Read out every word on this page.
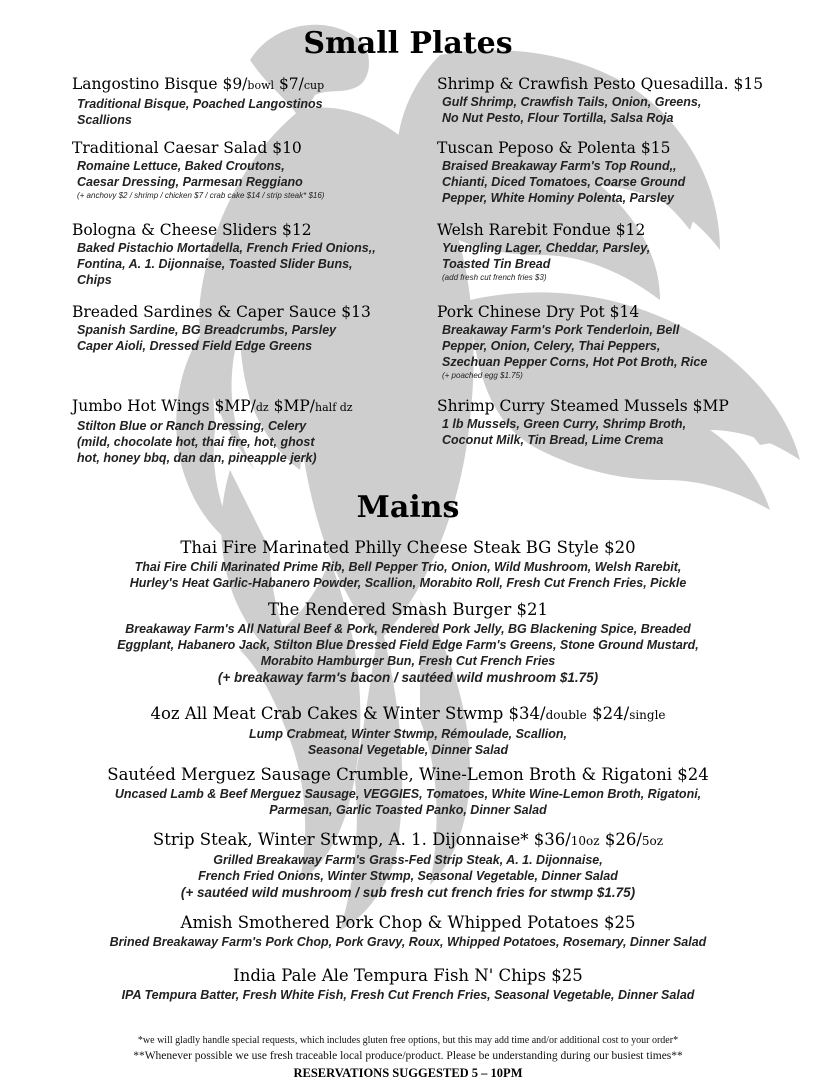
Small Plates
Langostino Bisque $9/bowl $7/cup
Traditional Bisque, Poached Langostinos
Scallions
Traditional Caesar Salad $10
Romaine Lettuce, Baked Croutons,
Caesar Dressing, Parmesan Reggiano
(+ anchovy $2 / shrimp / chicken $7 / crab cake $14 / strip steak* $16)
Bologna & Cheese Sliders $12
Baked Pistachio Mortadella, French Fried Onions,,
Fontina, A. 1. Dijonnaise, Toasted Slider Buns,
Chips
Breaded Sardines & Caper Sauce $13
Spanish Sardine, BG Breadcrumbs, Parsley
Caper Aioli, Dressed Field Edge Greens
Jumbo Hot Wings $MP/dz $MP/half dz
Stilton Blue or Ranch Dressing, Celery
(mild, chocolate hot, thai fire, hot, ghost
hot, honey bbq, dan dan, pineapple jerk)
Shrimp & Crawfish Pesto Quesadilla. $15
Gulf Shrimp, Crawfish Tails, Onion, Greens,
No Nut Pesto, Flour Tortilla, Salsa Roja
Tuscan Peposo & Polenta $15
Braised Breakaway Farm's Top Round,,
Chianti, Diced Tomatoes, Coarse Ground
Pepper, White Hominy Polenta, Parsley
Welsh Rarebit Fondue $12
Yuengling Lager, Cheddar, Parsley,
Toasted Tin Bread
(add fresh cut french fries $3)
Pork Chinese Dry Pot $14
Breakaway Farm's Pork Tenderloin, Bell
Pepper, Onion, Celery, Thai Peppers,
Szechuan Pepper Corns, Hot Pot Broth, Rice
(+ poached egg $1.75)
Shrimp Curry Steamed Mussels $MP
1 lb Mussels, Green Curry, Shrimp Broth,
Coconut Milk, Tin Bread, Lime Crema
Mains
Thai Fire Marinated Philly Cheese Steak BG Style $20
Thai Fire Chili Marinated Prime Rib, Bell Pepper Trio, Onion, Wild Mushroom, Welsh Rarebit,
Hurley's Heat Garlic-Habanero Powder, Scallion, Morabito Roll, Fresh Cut French Fries, Pickle
The Rendered Smash Burger $21
Breakaway Farm's All Natural Beef & Pork, Rendered Pork Jelly, BG Blackening Spice, Breaded
Eggplant, Habanero Jack, Stilton Blue Dressed Field Edge Farm's Greens, Stone Ground Mustard,
Morabito Hamburger Bun, Fresh Cut French Fries
(+ breakaway farm's bacon / sautéed wild mushroom $1.75)
4oz All Meat Crab Cakes & Winter Stwmp $34/double $24/single
Lump Crabmeat, Winter Stwmp, Rémoulade, Scallion,
Seasonal Vegetable, Dinner Salad
Sautéed Merguez Sausage Crumble, Wine-Lemon Broth & Rigatoni $24
Uncased Lamb & Beef Merguez Sausage, VEGGIES, Tomatoes, White Wine-Lemon Broth, Rigatoni,
Parmesan, Garlic Toasted Panko, Dinner Salad
Strip Steak, Winter Stwmp, A. 1. Dijonnaise* $36/10oz $26/5oz
Grilled Breakaway Farm's Grass-Fed Strip Steak, A. 1. Dijonnaise,
French Fried Onions, Winter Stwmp, Seasonal Vegetable, Dinner Salad
(+ sautéed wild mushroom / sub fresh cut french fries for stwmp $1.75)
Amish Smothered Pork Chop & Whipped Potatoes $25
Brined Breakaway Farm's Pork Chop, Pork Gravy, Roux, Whipped Potatoes, Rosemary, Dinner Salad
India Pale Ale Tempura Fish N' Chips $25
IPA Tempura Batter, Fresh White Fish, Fresh Cut French Fries, Seasonal Vegetable, Dinner Salad
*we will gladly handle special requests, which includes gluten free options, but this may add time and/or additional cost to your order*
**Whenever possible we use fresh traceable local produce/product. Please be understanding during our busiest times**
RESERVATIONS SUGGESTED 5 – 10PM
